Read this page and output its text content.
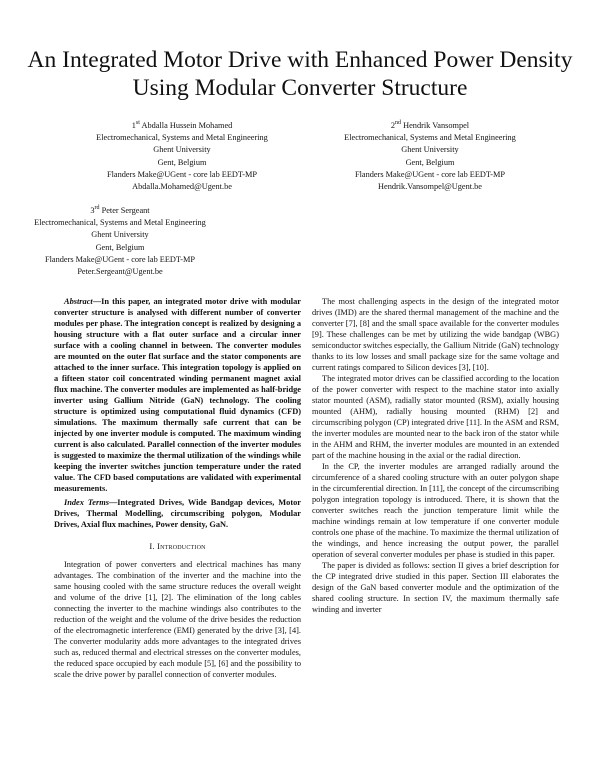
An Integrated Motor Drive with Enhanced Power Density Using Modular Converter Structure
1st Abdalla Hussein Mohamed
Electromechanical, Systems and Metal Engineering
Ghent University
Gent, Belgium
Flanders Make@UGent - core lab EEDT-MP
Abdalla.Mohamed@Ugent.be
2nd Hendrik Vansompel
Electromechanical, Systems and Metal Engineering
Ghent University
Gent, Belgium
Flanders Make@UGent - core lab EEDT-MP
Hendrik.Vansompel@Ugent.be
3rd Peter Sergeant
Electromechanical, Systems and Metal Engineering
Ghent University
Gent, Belgium
Flanders Make@UGent - core lab EEDT-MP
Peter.Sergeant@Ugent.be

Abstract—In this paper, an integrated motor drive with modular converter structure is analysed with different number of converter modules per phase. The integration concept is realized by designing a housing structure with a flat outer surface and a circular inner surface with a cooling channel in between. The converter modules are mounted on the outer flat surface and the stator components are attached to the inner surface. This integration topology is applied on a fifteen stator coil concentrated winding permanent magnet axial flux machine. The converter modules are implemented as half-bridge inverter using Gallium Nitride (GaN) technology. The cooling structure is optimized using computational fluid dynamics (CFD) simulations. The maximum thermally safe current that can be injected by one inverter module is computed. The maximum winding current is also calculated. Parallel connection of the inverter modules is suggested to maximize the thermal utilization of the windings while keeping the inverter switches junction temperature under the rated value. The CFD based computations are validated with experimental measurements.

Index Terms—Integrated Drives, Wide Bandgap devices, Motor Drives, Thermal Modelling, circumscribing polygon, Modular Drives, Axial flux machines, Power density, GaN.

I. Introduction

Integration of power converters and electrical machines has many advantages. The combination of the inverter and the machine into the same housing cooled with the same structure reduces the overall weight and volume of the drive [1], [2]. The elimination of the long cables connecting the inverter to the machine windings also contributes to the reduction of the weight and the volume of the drive besides the reduction of the electromagnetic interference (EMI) generated by the drive [3], [4]. The converter modularity adds more advantages to the integrated drives such as, reduced thermal and electrical stresses on the converter modules, the reduced space occupied by each module [5], [6] and the possibility to scale the drive power by parallel connection of converter modules.

The most challenging aspects in the design of the integrated motor drives (IMD) are the shared thermal management of the machine and the converter [7], [8] and the small space available for the converter modules [9]. These challenges can be met by utilizing the wide bandgap (WBG) semiconductor switches especially, the Gallium Nitride (GaN) technology thanks to its low losses and small package size for the same voltage and current ratings compared to Silicon devices [3], [10].

The integrated motor drives can be classified according to the location of the power converter with respect to the machine stator into axially stator mounted (ASM), radially stator mounted (RSM), axially housing mounted (AHM), radially housing mounted (RHM) [2] and circumscribing polygon (CP) integrated drive [11]. In the ASM and RSM, the inverter modules are mounted near to the back iron of the stator while in the AHM and RHM, the inverter modules are mounted in an extended part of the machine housing in the axial or the radial direction.

In the CP, the inverter modules are arranged radially around the circumference of a shared cooling structure with an outer polygon shape in the circumferential direction. In [11], the concept of the circumscribing polygon integration topology is introduced. There, it is shown that the converter switches reach the junction temperature limit while the machine windings remain at low temperature if one converter module controls one phase of the machine. To maximize the thermal utilization of the windings, and hence increasing the output power, the parallel operation of several converter modules per phase is studied in this paper.

The paper is divided as follows: section II gives a brief description for the CP integrated drive studied in this paper. Section III elaborates the design of the GaN based converter module and the optimization of the shared cooling structure. In section IV, the maximum thermally safe winding and inverter
